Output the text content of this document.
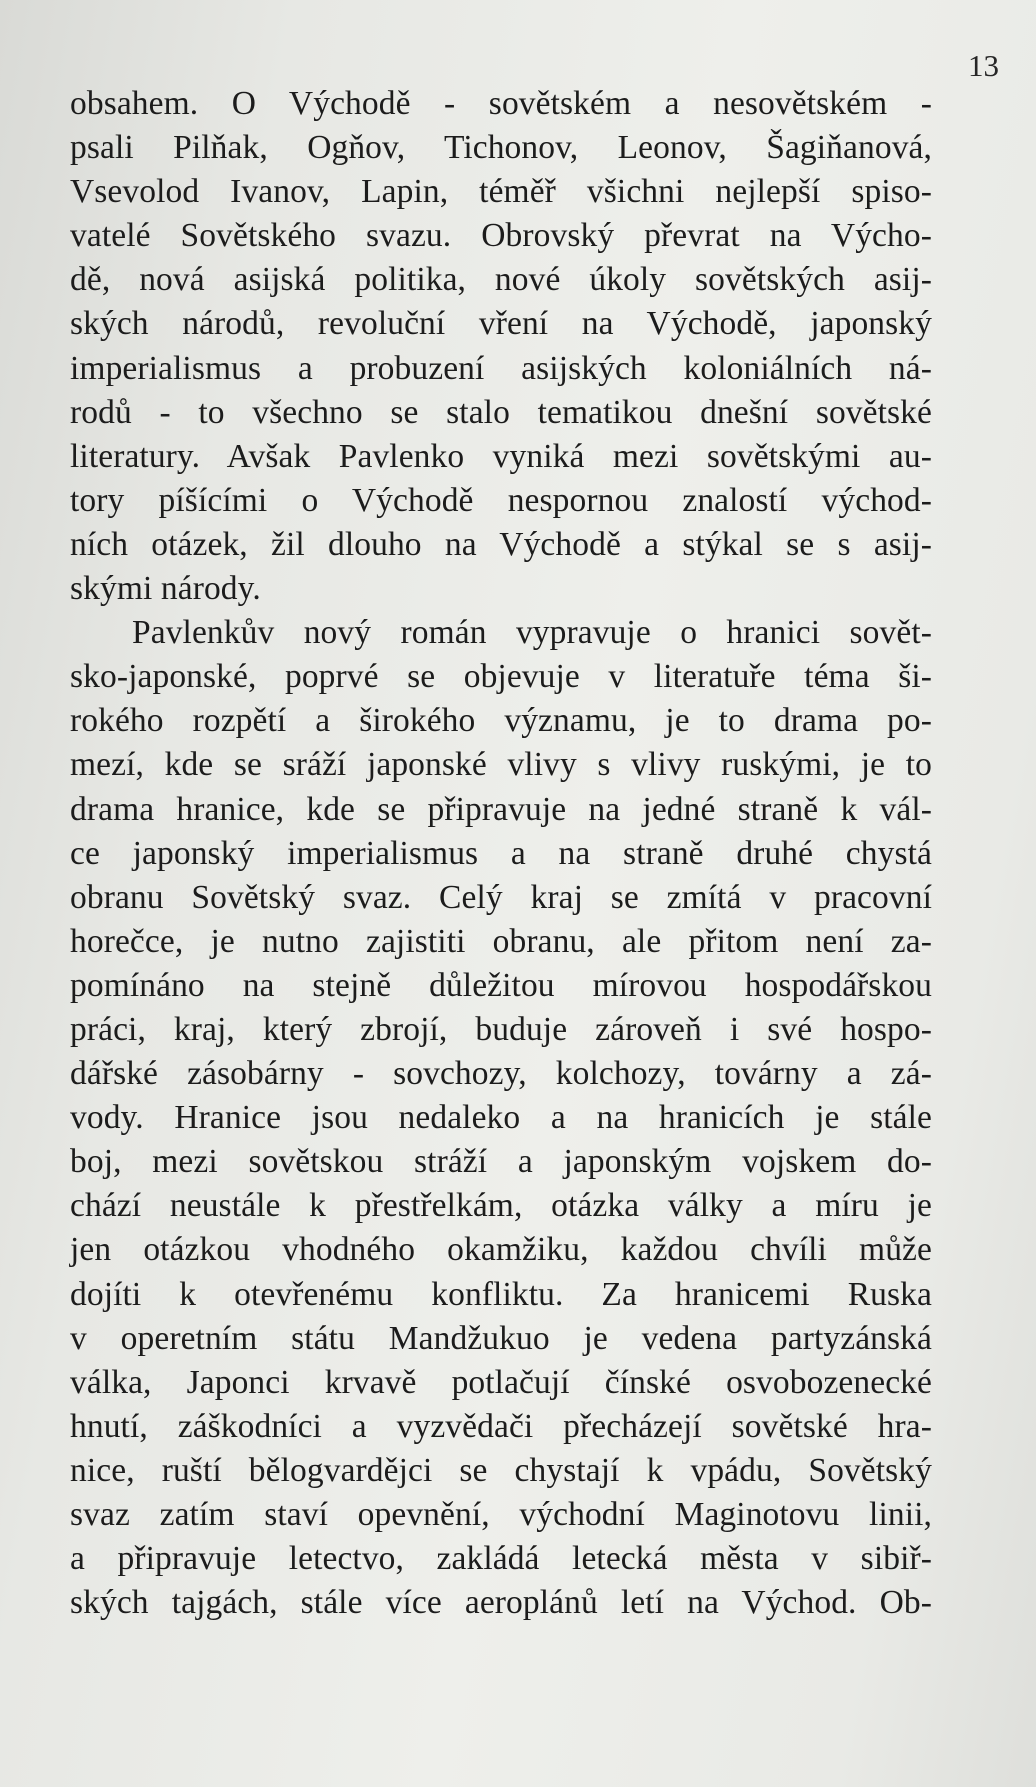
13
obsahem. O Východě - sovětském a nesovětském -
psali Pilňak, Ogňov, Tichonov, Leonov, Šagiňanová,
Vsevolod Ivanov, Lapin, téměř všichni nejlepší spiso-
vatelé Sovětského svazu. Obrovský převrat na Výcho-
dě, nová asijská politika, nové úkoly sovětských asij-
ských národů, revoluční vření na Východě, japonský
imperialismus a probuzení asijských koloniálních ná-
rodů - to všechno se stalo tematikou dnešní sovětské
literatury. Avšak Pavlenko vyniká mezi sovětskými au-
tory píšícími o Východě nespornou znalostí východ-
ních otázek, žil dlouho na Východě a stýkal se s asij-
skými národy.
Pavlenkův nový román vypravuje o hranici sovět-
sko-japonské, poprvé se objevuje v literatuře téma ši-
rokého rozpětí a širokého významu, je to drama po-
mezí, kde se sráží japonské vlivy s vlivy ruskými, je to
drama hranice, kde se připravuje na jedné straně k vál-
ce japonský imperialismus a na straně druhé chystá
obranu Sovětský svaz. Celý kraj se zmítá v pracovní
horečce, je nutno zajistiti obranu, ale přitom není za-
pomínáno na stejně důležitou mírovou hospodářskou
práci, kraj, který zbrojí, buduje zároveň i své hospo-
dářské zásobárny - sovchozy, kolchozy, továrny a zá-
vody. Hranice jsou nedaleko a na hranicích je stále
boj, mezi sovětskou stráží a japonským vojskem do-
chází neustále k přestřelkám, otázka války a míru je
jen otázkou vhodného okamžiku, každou chvíli může
dojíti k otevřenému konfliktu. Za hranicemi Ruska
v operetním státu Mandžukuo je vedena partyzánská
válka, Japonci krvavě potlačují čínské osvobozenecké
hnutí, záškodníci a vyzvědači přecházejí sovětské hra-
nice, ruští bělogvardějci se chystají k vpádu, Sovětský
svaz zatím staví opevnění, východní Maginotovu linii,
a připravuje letectvo, zakládá letecká města v sibiř-
ských tajgách, stále více aeroplánů letí na Východ. Ob-
